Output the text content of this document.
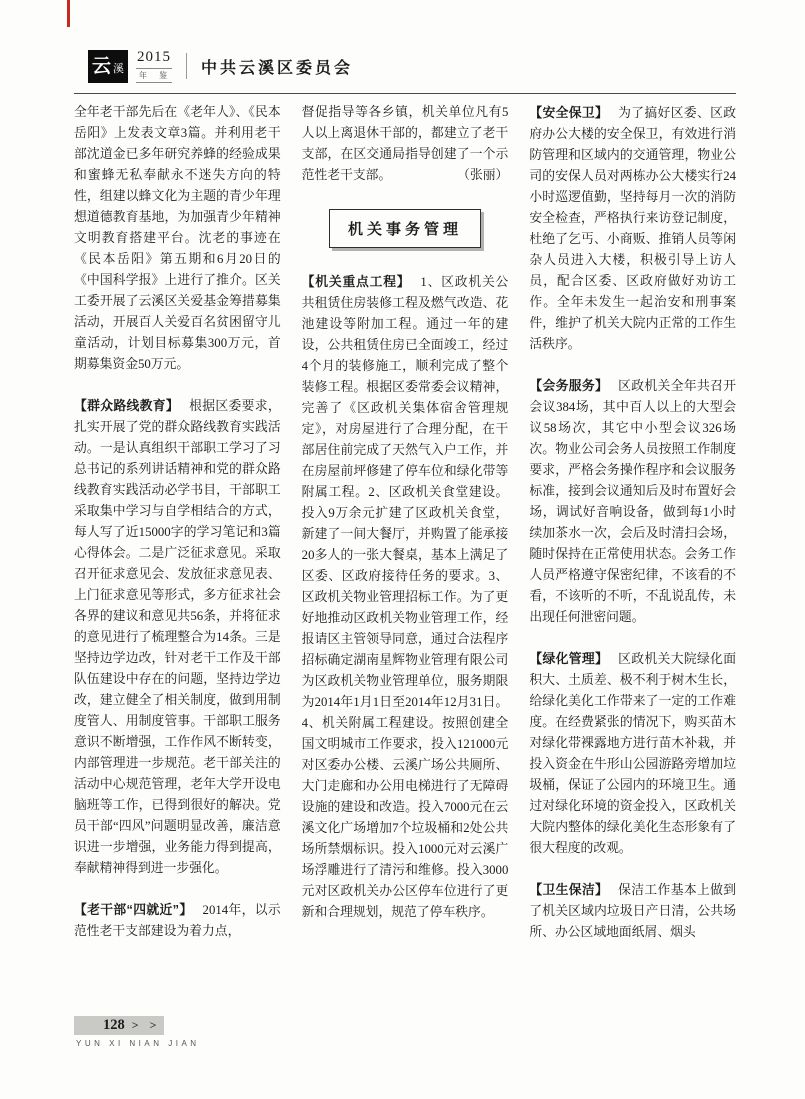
云 溪
2015
年 鉴 中共云溪区委员会

全年老干部先后在《老年人》、《民本岳阳》上发表文章3篇。并利用老干部沈道金已多年研究养蜂的经验成果和蜜蜂无私奉献永不迷失方向的特性，组建以蜂文化为主题的青少年理想道德教育基地，为加强青少年精神文明教育搭建平台。沈老的事迹在《民本岳阳》第五期和6月20日的《中国科学报》上进行了推介。区关工委开展了云溪区关爱基金筹措募集活动，开展百人关爱百名贫困留守儿童活动，计划目标募集300万元，首期募集资金50万元。

【群众路线教育】 根据区委要求，扎实开展了党的群众路线教育实践活动。一是认真组织干部职工学习了习总书记的系列讲话精神和党的群众路线教育实践活动必学书目，干部职工采取集中学习与自学相结合的方式，每人写了近15000字的学习笔记和3篇心得体会。二是广泛征求意见。采取召开征求意见会、发放征求意见表、上门征求意见等形式，多方征求社会各界的建议和意见共56条，并将征求的意见进行了梳理整合为14条。三是坚持边学边改，针对老干工作及干部队伍建设中存在的问题，坚持边学边改，建立健全了相关制度，做到用制度管人、用制度管事。干部职工服务意识不断增强，工作作风不断转变，内部管理进一步规范。老干部关注的活动中心规范管理，老年大学开设电脑班等工作，已得到很好的解决。党员干部“四风”问题明显改善，廉洁意识进一步增强，业务能力得到提高，奉献精神得到进一步强化。

【老干部“四就近”】 2014年，以示范性老干支部建设为着力点，

督促指导等各乡镇，机关单位凡有5人以上离退休干部的，都建立了老干支部，在区交通局指导创建了一个示范性老干支部。	（张丽）

机关事务管理

【机关重点工程】 1、区政机关公共租赁住房装修工程及燃气改造、花池建设等附加工程。通过一年的建设，公共租赁住房已全面竣工，经过4个月的装修施工，顺利完成了整个装修工程。根据区委常委会议精神，完善了《区政机关集体宿舍管理规定》，对房屋进行了合理分配，在干部居住前完成了天然气入户工作，并在房屋前坪修建了停车位和绿化带等附属工程。2、区政机关食堂建设。投入9万余元扩建了区政机关食堂，新建了一间大餐厅，并购置了能承接20多人的一张大餐桌，基本上满足了区委、区政府接待任务的要求。3、区政机关物业管理招标工作。为了更好地推动区政机关物业管理工作，经报请区主管领导同意，通过合法程序招标确定湖南星辉物业管理有限公司为区政机关物业管理单位，服务期限为2014年1月1日至2014年12月31日。4、机关附属工程建设。按照创建全国文明城市工作要求，投入121000元对区委办公楼、云溪广场公共厕所、大门走廊和办公用电梯进行了无障碍设施的建设和改造。投入7000元在云溪文化广场增加7个垃圾桶和2处公共场所禁烟标识。投入1000元对云溪广场浮雕进行了清污和维修。投入3000元对区政机关办公区停车位进行了更新和合理规划，规范了停车秩序。

【安全保卫】 为了搞好区委、区政府办公大楼的安全保卫，有效进行消防管理和区域内的交通管理，物业公司的安保人员对两栋办公大楼实行24小时巡逻值勤，坚持每月一次的消防安全检查，严格执行来访登记制度，杜绝了乞丐、小商贩、推销人员等闲杂人员进入大楼，积极引导上访人员，配合区委、区政府做好劝访工作。全年未发生一起治安和刑事案件，维护了机关大院内正常的工作生活秩序。

【会务服务】 区政机关全年共召开会议384场，其中百人以上的大型会议58场次，其它中小型会议326场次。物业公司会务人员按照工作制度要求，严格会务操作程序和会议服务标准，接到会议通知后及时布置好会场，调试好音响设备，做到每1小时续加茶水一次，会后及时清扫会场，随时保持在正常使用状态。会务工作人员严格遵守保密纪律，不该看的不看，不该听的不听，不乱说乱传，未出现任何泄密问题。

【绿化管理】 区政机关大院绿化面积大、土质差、极不利于树木生长，给绿化美化工作带来了一定的工作难度。在经费紧张的情况下，购买苗木对绿化带裸露地方进行苗木补栽，并投入资金在牛形山公园游路旁增加垃圾桶，保证了公园内的环境卫生。通过对绿化环境的资金投入，区政机关大院内整体的绿化美化生态形象有了很大程度的改观。

【卫生保洁】 保洁工作基本上做到了机关区域内垃圾日产日清，公共场所、办公区域地面纸屑、烟头

128 > >
YUN XI NIAN JIAN
